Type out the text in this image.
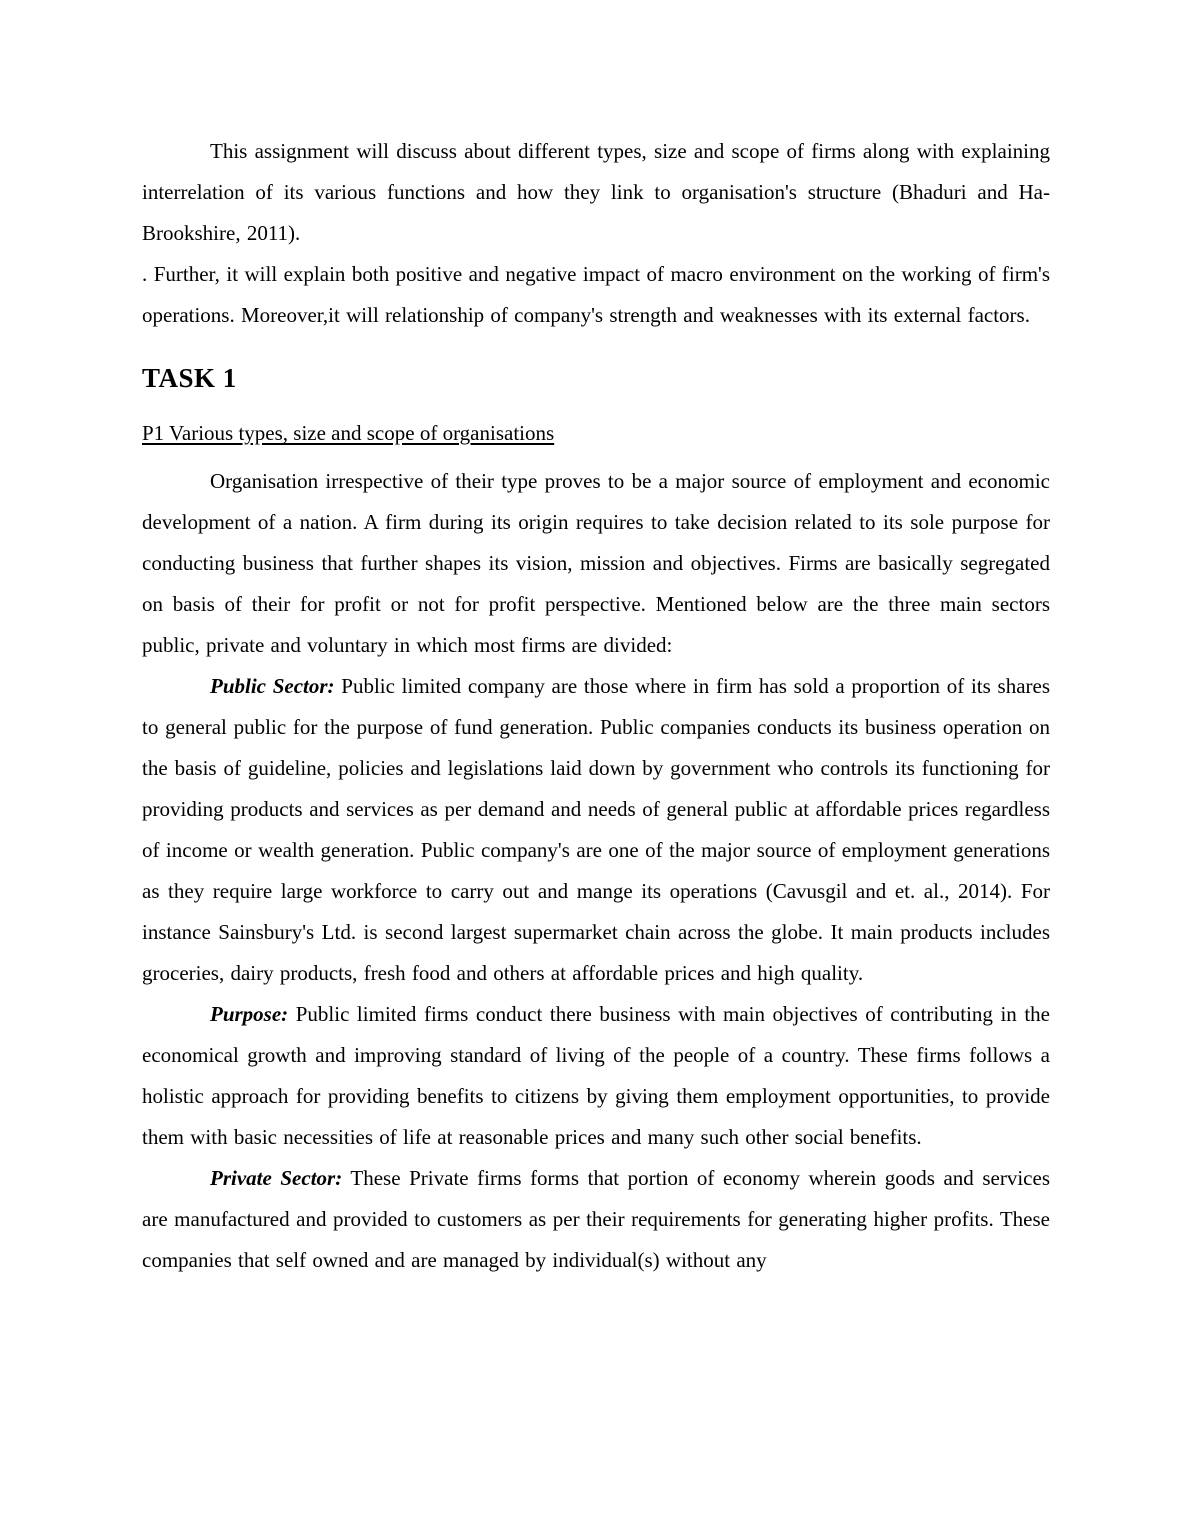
This assignment will discuss about different types, size and scope of firms along with explaining interrelation of its various functions and how they link to organisation's structure (Bhaduri and Ha-Brookshire, 2011).

. Further, it will explain both positive and negative impact of macro environment on the working of firm's operations. Moreover,it will relationship of company's strength and weaknesses with its external factors.

TASK 1
P1 Various types, size and scope of organisations

Organisation irrespective of their type proves to be a major source of employment and economic development of a nation. A firm during its origin requires to take decision related to its sole purpose for conducting business that further shapes its vision, mission and objectives. Firms are basically segregated on basis of their for profit or not for profit perspective. Mentioned below are the three main sectors public, private and voluntary in which most firms are divided:

Public Sector: Public limited company are those where in firm has sold a proportion of its shares to general public for the purpose of fund generation. Public companies conducts its business operation on the basis of guideline, policies and legislations laid down by government who controls its functioning for providing products and services as per demand and needs of general public at affordable prices regardless of income or wealth generation. Public company's are one of the major source of employment generations as they require large workforce to carry out and mange its operations (Cavusgil and et. al., 2014). For instance Sainsbury's Ltd. is second largest supermarket chain across the globe. It main products includes groceries, dairy products, fresh food and others at affordable prices and high quality.

Purpose: Public limited firms conduct there business with main objectives of contributing in the economical growth and improving standard of living of the people of a country. These firms follows a holistic approach for providing benefits to citizens by giving them employment opportunities, to provide them with basic necessities of life at reasonable prices and many such other social benefits.

Private Sector: These Private firms forms that portion of economy wherein goods and services are manufactured and provided to customers as per their requirements for generating higher profits. These companies that self owned and are managed by individual(s) without any
